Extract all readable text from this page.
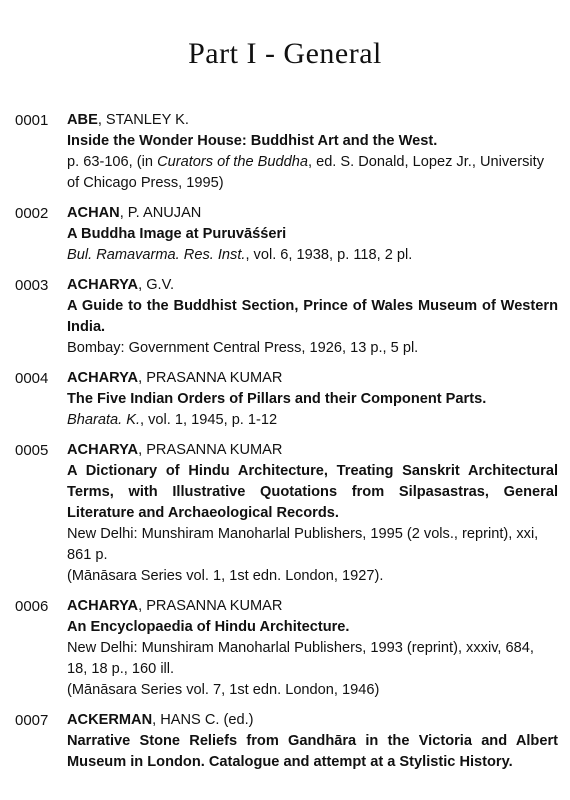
Part I - General
0001	ABE, STANLEY K.
Inside the Wonder House: Buddhist Art and the West.
p. 63-106, (in Curators of the Buddha, ed. S. Donald, Lopez Jr., University of Chicago Press, 1995)
0002	ACHAN, P. ANUJAN
A Buddha Image at Puruvāśśeri
Bul. Ramavarma. Res. Inst., vol. 6, 1938, p. 118, 2 pl.
0003	ACHARYA, G.V.
A Guide to the Buddhist Section, Prince of Wales Museum of Western India.
Bombay: Government Central Press, 1926, 13 p., 5 pl.
0004	ACHARYA, PRASANNA KUMAR
The Five Indian Orders of Pillars and their Component Parts.
Bharata. K., vol. 1, 1945, p. 1-12
0005	ACHARYA, PRASANNA KUMAR
A Dictionary of Hindu Architecture, Treating Sanskrit Architectural Terms, with Illustrative Quotations from Silpasastras, General Literature and Archaeological Records.
New Delhi: Munshiram Manoharlal Publishers, 1995 (2 vols., reprint), xxi, 861 p.
(Mānāsara Series vol. 1, 1st edn. London, 1927).
0006	ACHARYA, PRASANNA KUMAR
An Encyclopaedia of Hindu Architecture.
New Delhi: Munshiram Manoharlal Publishers, 1993 (reprint), xxxiv, 684, 18, 18 p., 160 ill.
(Mānāsara Series vol. 7, 1st edn. London, 1946)
0007	ACKERMAN, HANS C. (ed.)
Narrative Stone Reliefs from Gandhāra in the Victoria and Albert Museum in London. Catalogue and attempt at a Stylistic History.
